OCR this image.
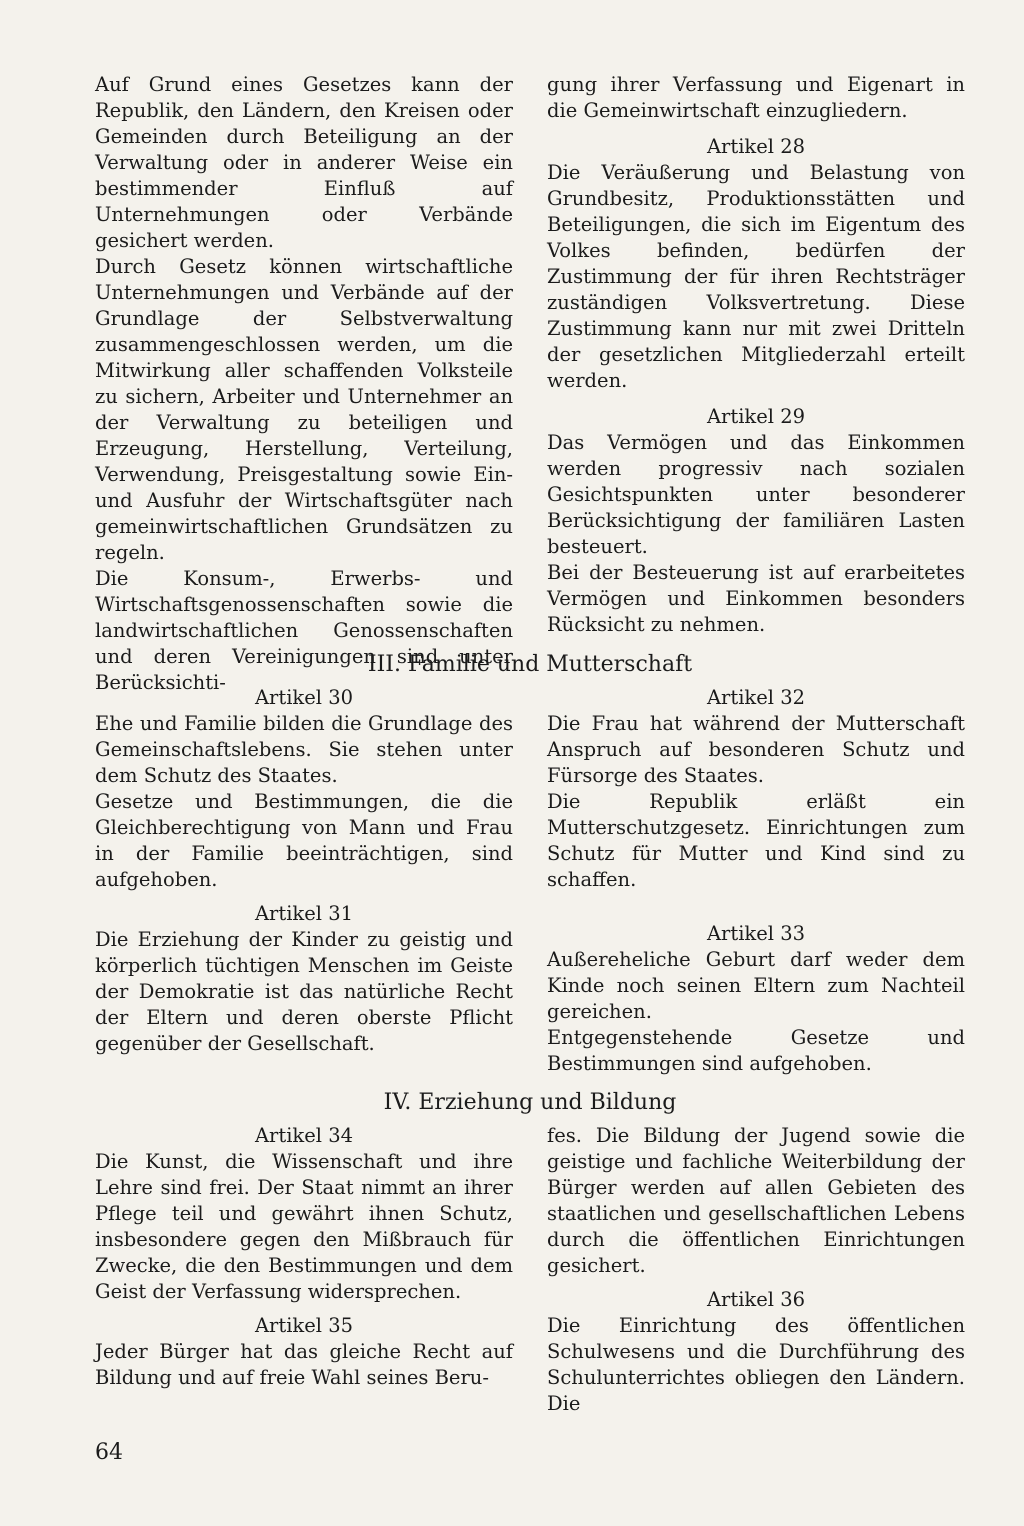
Auf Grund eines Gesetzes kann der Republik, den Ländern, den Kreisen oder Gemeinden durch Beteiligung an der Verwaltung oder in anderer Weise ein bestimmender Einfluß auf Unternehmungen oder Verbände gesichert werden.

Durch Gesetz können wirtschaftliche Unternehmungen und Verbände auf der Grundlage der Selbstverwaltung zusammengeschlossen werden, um die Mitwirkung aller schaffenden Volksteile zu sichern, Arbeiter und Unternehmer an der Verwaltung zu beteiligen und Erzeugung, Herstellung, Verteilung, Verwendung, Preisgestaltung sowie Ein- und Ausfuhr der Wirtschaftsgüter nach gemeinwirtschaftlichen Grundsätzen zu regeln.

Die Konsum-, Erwerbs- und Wirtschaftsgenossenschaften sowie die landwirtschaftlichen Genossenschaften und deren Vereinigungen sind unter Berücksichti-

gung ihrer Verfassung und Eigenart in die Gemeinwirtschaft einzugliedern.

Artikel 28

Die Veräußerung und Belastung von Grundbesitz, Produktionsstätten und Beteiligungen, die sich im Eigentum des Volkes befinden, bedürfen der Zustimmung der für ihren Rechtsträger zuständigen Volksvertretung. Diese Zustimmung kann nur mit zwei Dritteln der gesetzlichen Mitgliederzahl erteilt werden.

Artikel 29

Das Vermögen und das Einkommen werden progressiv nach sozialen Gesichtspunkten unter besonderer Berücksichtigung der familiären Lasten besteuert.

Bei der Besteuerung ist auf erarbeitetes Vermögen und Einkommen besonders Rücksicht zu nehmen.

III. Familie und Mutterschaft

Artikel 30

Ehe und Familie bilden die Grundlage des Gemeinschaftslebens. Sie stehen unter dem Schutz des Staates.

Gesetze und Bestimmungen, die die Gleichberechtigung von Mann und Frau in der Familie beeinträchtigen, sind aufgehoben.

Artikel 31

Die Erziehung der Kinder zu geistig und körperlich tüchtigen Menschen im Geiste der Demokratie ist das natürliche Recht der Eltern und deren oberste Pflicht gegenüber der Gesellschaft.

Artikel 32

Die Frau hat während der Mutterschaft Anspruch auf besonderen Schutz und Fürsorge des Staates.

Die Republik erläßt ein Mutterschutzgesetz. Einrichtungen zum Schutz für Mutter und Kind sind zu schaffen.

Artikel 33

Außereheliche Geburt darf weder dem Kinde noch seinen Eltern zum Nachteil gereichen.

Entgegenstehende Gesetze und Bestimmungen sind aufgehoben.

IV. Erziehung und Bildung

Artikel 34

Die Kunst, die Wissenschaft und ihre Lehre sind frei. Der Staat nimmt an ihrer Pflege teil und gewährt ihnen Schutz, insbesondere gegen den Mißbrauch für Zwecke, die den Bestimmungen und dem Geist der Verfassung widersprechen.

Artikel 35

Jeder Bürger hat das gleiche Recht auf Bildung und auf freie Wahl seines Beru-

fes. Die Bildung der Jugend sowie die geistige und fachliche Weiterbildung der Bürger werden auf allen Gebieten des staatlichen und gesellschaftlichen Lebens durch die öffentlichen Einrichtungen gesichert.

Artikel 36

Die Einrichtung des öffentlichen Schulwesens und die Durchführung des Schulunterrichtes obliegen den Ländern. Die

64
